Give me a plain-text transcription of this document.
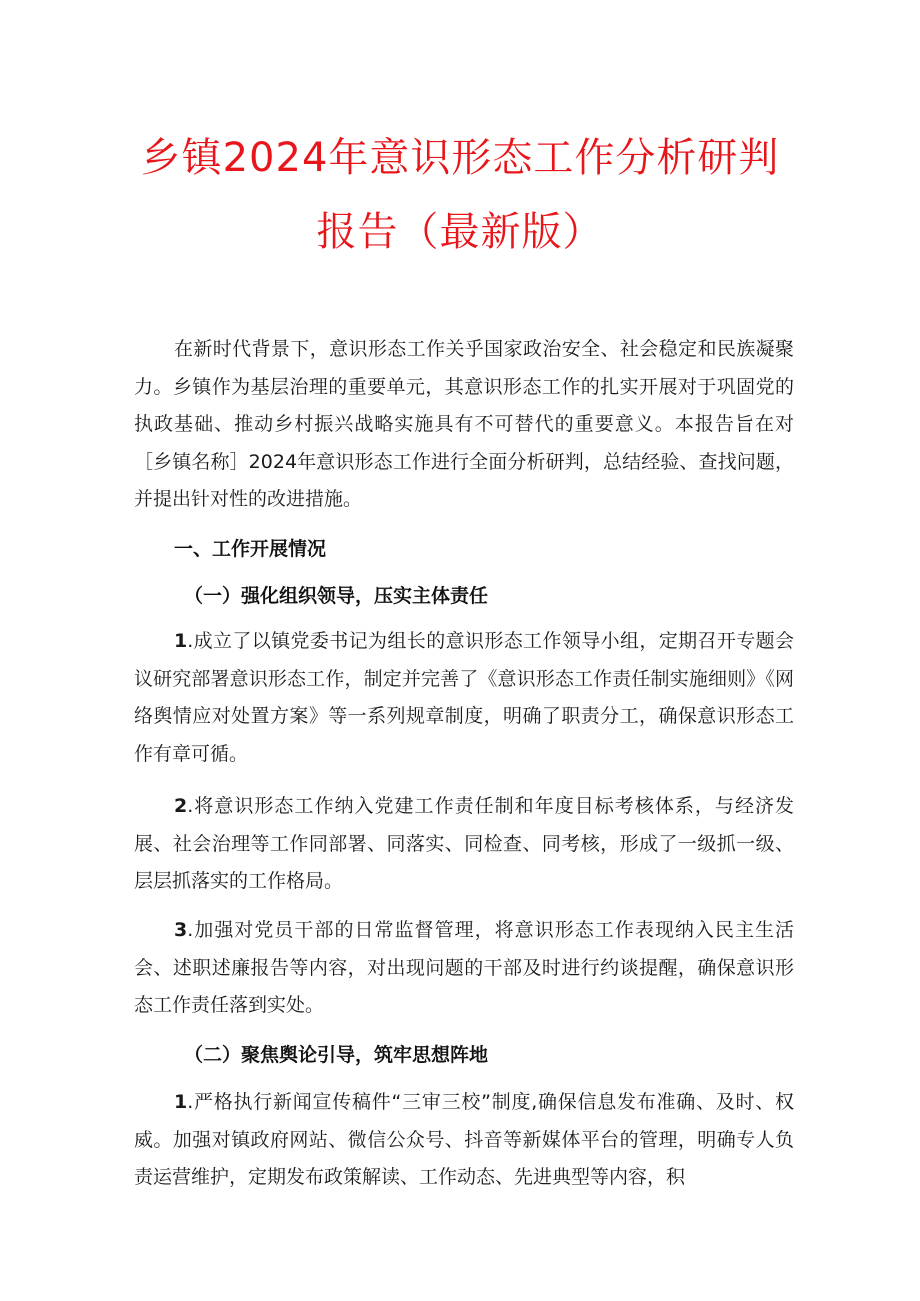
乡镇2024年意识形态工作分析研判
报告（最新版）

在新时代背景下，意识形态工作关乎国家政治安全、社会稳定和民族凝聚力。乡镇作为基层治理的重要单元，其意识形态工作的扎实开展对于巩固党的执政基础、推动乡村振兴战略实施具有不可替代的重要意义。本报告旨在对［乡镇名称］2024年意识形态工作进行全面分析研判，总结经验、查找问题，并提出针对性的改进措施。

一、工作开展情况
（一）强化组织领导，压实主体责任

1.成立了以镇党委书记为组长的意识形态工作领导小组，定期召开专题会议研究部署意识形态工作，制定并完善了《意识形态工作责任制实施细则》《网络舆情应对处置方案》等一系列规章制度，明确了职责分工，确保意识形态工作有章可循。

2.将意识形态工作纳入党建工作责任制和年度目标考核体系，与经济发展、社会治理等工作同部署、同落实、同检查、同考核，形成了一级抓一级、层层抓落实的工作格局。

3.加强对党员干部的日常监督管理，将意识形态工作表现纳入民主生活会、述职述廉报告等内容，对出现问题的干部及时进行约谈提醒，确保意识形态工作责任落到实处。

（二）聚焦舆论引导，筑牢思想阵地

1.严格执行新闻宣传稿件“三审三校”制度,确保信息发布准确、及时、权威。加强对镇政府网站、微信公众号、抖音等新媒体平台的管理，明确专人负责运营维护，定期发布政策解读、工作动态、先进典型等内容，积
